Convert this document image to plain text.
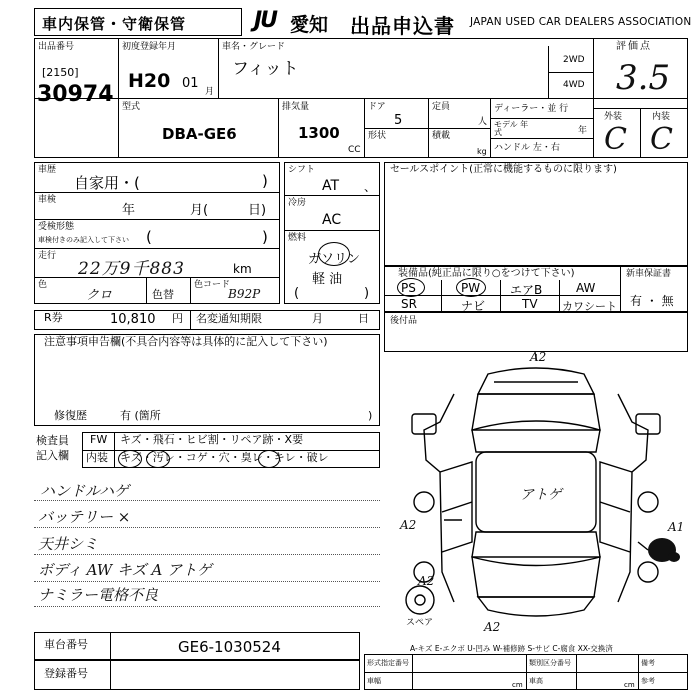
車内保管・守衛保管	JU 愛知 出品申込書 JAPAN USED CAR DEALERS ASSOCIATION
出品番号
[2150]
30974
初度登録年月
H20 01
月
車名・グレード
フィット	2WD
4WD
評価点
3.5
外装	内装
C C
型式
DBA-GE6
排気量
1300
CC
ドア
5
形状
定員
人
積載
kg
ディーラー・並 行
モデル 年式	年
ハンドル 左・右
車歴
自家用・(	)
車検
年	月(	日)
受検形態
車検付きのみ記入して下さい (	)
走行
22万9千883	km
色
クロ	色替
色コード
B92P
シフト
AT 、
冷房
AC
燃料
ガソリン
軽 油
(	)
セールスポイント(正常に機能するものに限ります)
装備品(純正品に限り○をつけて下さい)
PS	PW エアB	AW
SR	ナビ	TV カワシート
新車保証書
有 ・ 無
R券	10,810 円 名変通知期限	月	日 後付品
注意事項申告欄(不具合内容等は具体的に記入して下さい)
修復歴	有 (箇所	)
検査員
記入欄
FW キズ・飛石・ヒビ割・リペア跡・X要
内装 キズ・汚レ・コゲ・穴・臭レ・キレ・破レ
ハンドルハゲ
バッテリー ×
天井シミ
ボディ AW キズ A アトゲ
ナミラー電格不良
A2
A2
A2
A2
A1
アトゲ
スペア
A-キズ E-エクボ U-凹み W-補修跡 S-サビ C-腐食 XX-交換済
車台番号	GE6-1030524
登録番号
形式指定番号	類別区分番号	備考
車幅	cm 車高	cm 参考
